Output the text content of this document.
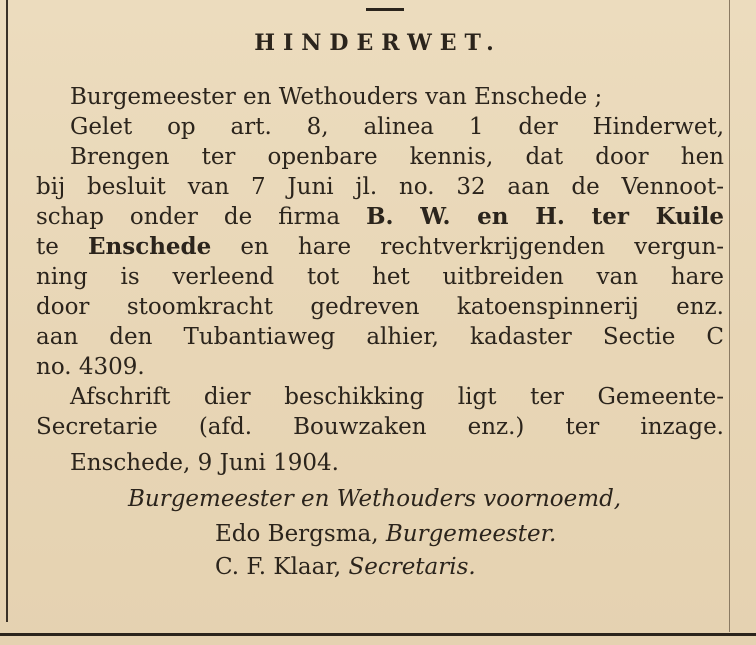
HINDERWET.

Burgemeester en Wethouders van Enschede ;

Gelet op art. 8, alinea 1 der Hinderwet,

Brengen ter openbare kennis, dat door hen

bij besluit van 7 Juni jl. no. 32 aan de Vennoot-

schap onder de firma B. W. en H. ter Kuile

te Enschede en hare rechtverkrijgenden vergun-

ning is verleend tot het uitbreiden van hare

door stoomkracht gedreven katoenspinnerij enz.

aan den Tubantiaweg alhier, kadaster Sectie C

no. 4309.

Afschrift dier beschikking ligt ter Gemeente-

Secretarie (afd. Bouwzaken enz.) ter inzage.

Enschede, 9 Juni 1904.

Burgemeester en Wethouders voornoemd,
Edo Bergsma, Burgemeester.
C. F. Klaar, Secretaris.
